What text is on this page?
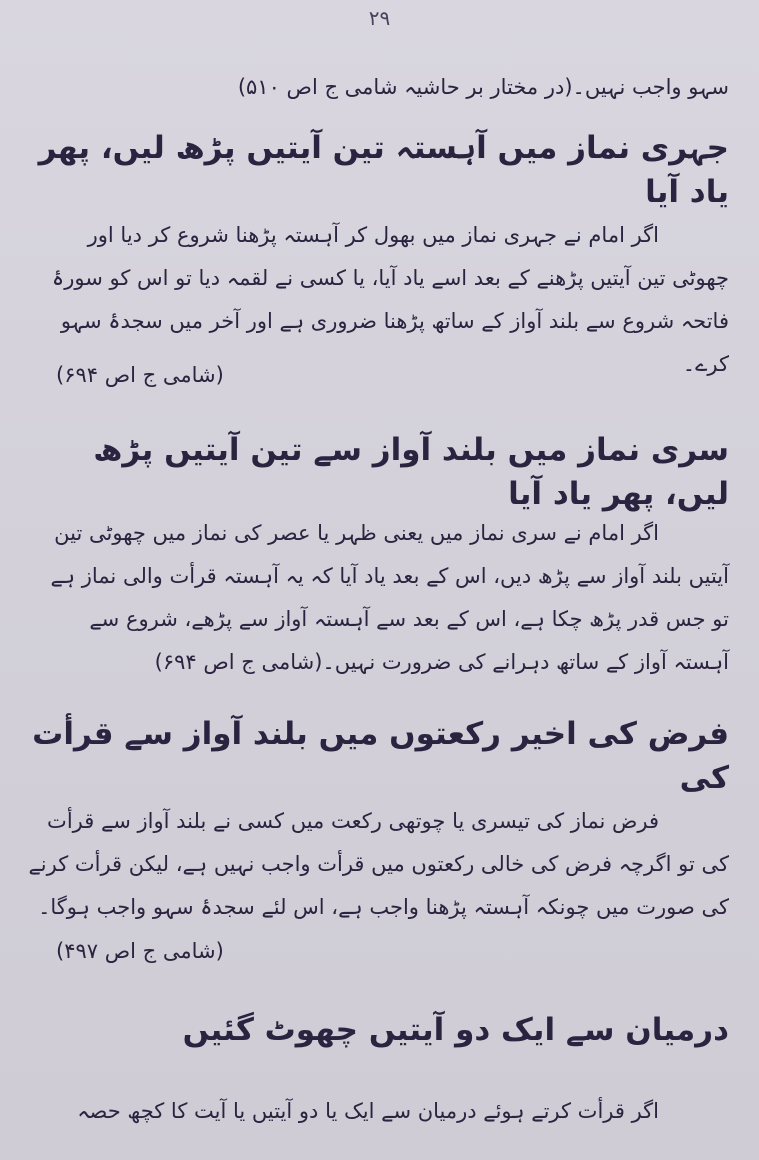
۲۹

سہو واجب نہیں۔(در مختار بر حاشیہ شامی ج اص ۵۱۰)

جہری نماز میں آہستہ تین آیتیں پڑھ لیں، پھر یاد آیا

اگر امام نے جہری نماز میں بھول کر آہستہ پڑھنا شروع کر دیا اور چھوٹی تین آیتیں پڑھنے کے بعد اسے یاد آیا، یا کسی نے لقمہ دیا تو اس کو سورۂ فاتحہ شروع سے بلند آواز کے ساتھ پڑھنا ضروری ہے اور آخر میں سجدۂ سہو کرے۔

(شامی ج اص ۶۹۴)

سری نماز میں بلند آواز سے تین آیتیں پڑھ لیں، پھر یاد آیا

اگر امام نے سری نماز میں یعنی ظہر یا عصر کی نماز میں چھوٹی تین آیتیں بلند آواز سے پڑھ دیں، اس کے بعد یاد آیا کہ یہ آہستہ قرأت والی نماز ہے تو جس قدر پڑھ چکا ہے، اس کے بعد سے آہستہ آواز سے پڑھے، شروع سے آہستہ آواز کے ساتھ دہرانے کی ضرورت نہیں۔(شامی ج اص ۶۹۴)

فرض کی اخیر رکعتوں میں بلند آواز سے قرأت کی

فرض نماز کی تیسری یا چوتھی رکعت میں کسی نے بلند آواز سے قرأت کی تو اگرچہ فرض کی خالی رکعتوں میں قرأت واجب نہیں ہے، لیکن قرأت کرنے کی صورت میں چونکہ آہستہ پڑھنا واجب ہے، اس لئے سجدۂ سہو واجب ہوگا۔

(شامی ج اص ۴۹۷)

درمیان سے ایک دو آیتیں چھوٹ گئیں

اگر قرأت کرتے ہوئے درمیان سے ایک یا دو آیتیں یا آیت کا کچھ حصہ
